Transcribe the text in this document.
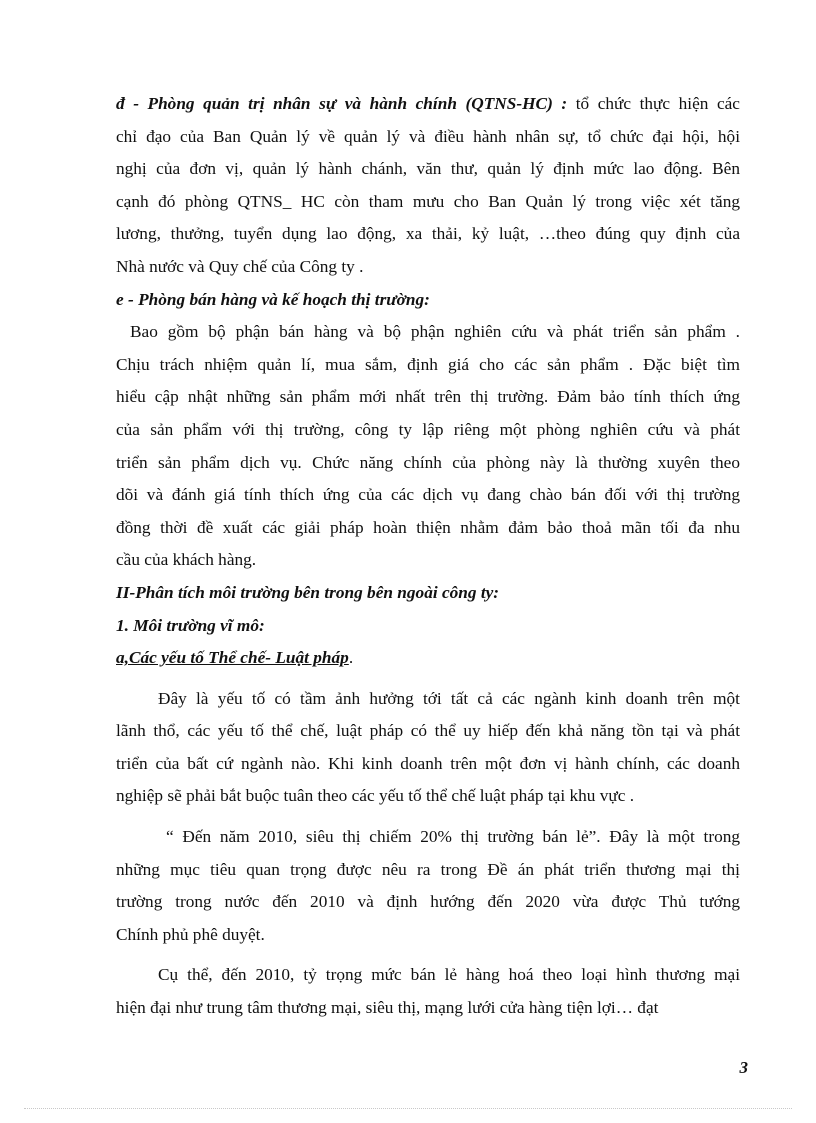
đ - Phòng quản trị nhân sự và hành chính (QTNS-HC) : tổ chức thực hiện các
chỉ đạo của Ban Quản lý về quản lý và điều hành nhân sự, tổ chức đại hội, hội
nghị của đơn vị, quản lý hành chánh, văn thư, quản lý định mức lao động. Bên
cạnh đó phòng QTNS_ HC còn tham mưu cho Ban Quản lý trong việc xét tăng
lương, thưởng, tuyển dụng lao động, xa thải, kỷ luật, …theo đúng quy định của
Nhà nước và Quy chế của Công ty .
e - Phòng bán hàng và kế hoạch thị trường:
Bao gồm bộ phận bán hàng và bộ phận nghiên cứu và phát triển sản phẩm .
Chịu trách nhiệm quản lí, mua sắm, định giá cho các sản phẩm . Đặc biệt tìm
hiểu cập nhật những sản phẩm mới nhất trên thị trường. Đảm bảo tính thích ứng
của sản phẩm với thị trường, công ty lập riêng một phòng nghiên cứu và phát
triển sản phẩm dịch vụ. Chức năng chính của phòng này là thường xuyên theo
dõi và đánh giá tính thích ứng của các dịch vụ đang chào bán đối với thị trường
đồng thời đề xuất các giải pháp hoàn thiện nhằm đảm bảo thoả mãn tối đa nhu
cầu của khách hàng.
II-Phân tích môi trường bên trong bên ngoài công ty:
1. Môi trường vĩ mô:
a,Các yếu tố Thể chế- Luật pháp.
Đây là yếu tố có tầm ảnh hưởng tới tất cả các ngành kinh doanh trên một
lãnh thổ, các yếu tố thể chế, luật pháp có thể uy hiếp đến khả năng tồn tại và phát
triển của bất cứ ngành nào. Khi kinh doanh trên một đơn vị hành chính, các doanh
nghiệp sẽ phải bắt buộc tuân theo các yếu tố thể chế luật pháp tại khu vực .
“ Đến năm 2010, siêu thị chiếm 20% thị trường bán lẻ”. Đây là một trong
những mục tiêu quan trọng được nêu ra trong Đề án phát triển thương mại thị
trường trong nước đến 2010 và định hướng đến 2020 vừa được Thủ tướng
Chính phủ phê duyệt.
Cụ thể, đến 2010, tỷ trọng mức bán lẻ hàng hoá theo loại hình thương mại
hiện đại như trung tâm thương mại, siêu thị, mạng lưới cửa hàng tiện lợi… đạt
3
